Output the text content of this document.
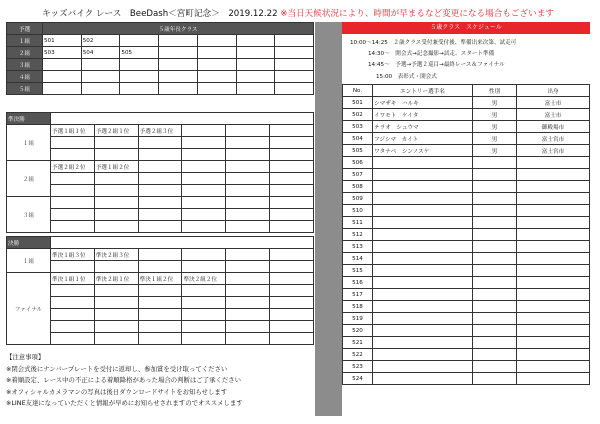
キッズバイク レース　BeeDash＜宮町記念＞　2019.12.22 ※当日天候状況により、時間が早まるなど変更になる場合もございます
予選	５歳年長クラス						
１組	501	502					
２組	503	504	505				
３組							
４組							
５組							
準決勝						
１組	予選１組１位	予選２組１位	予選２組３位			

２組	予選２組２位	予選１組２位				

３組						

決勝						
１組	準決１組３位	準決２組３位				

ファイナル	準決１組１位	準決２組１位	準決１組２位	準決２組２位		

【注意事項】
※閉会式後にナンバープレートを受付に返却し、参加賞を受け取ってください
※着順設定、レース中の不正による着順降格があった場合の判断はご了承ください
※オフィシャルカメラマンの写真は後日ダウンロードサイトをお知らせします
※LINE友達になっていただくと情報が早めにお知らせされますのでオススメします
５歳クラス　スケジュール
10:00〜14:25　２歳クラス受付兼受付後、準備出来次第、試走可
14:30〜　開会式→記念撮影→試走、スタート準備
14:45〜　予選→予選２巡目→最終レース＆ファイナル
15:00　表彰式・閉会式
No.	エントリー選手名	性別	出身
501	シマザキ　ハルキ	男	富士市
502	イワモト　ケイタ	男	富士市
503	テラオ　シュウマ	男	御殿場市
504	フジシマ　カイト	男	富士宮市
505	ワタナベ　シンノスケ	男	富士宮市
506			
507			
508			
509			
510			
511			
512			
513			
514			
515			
516			
517			
518			
519			
520			
521			
522			
523			
524			
